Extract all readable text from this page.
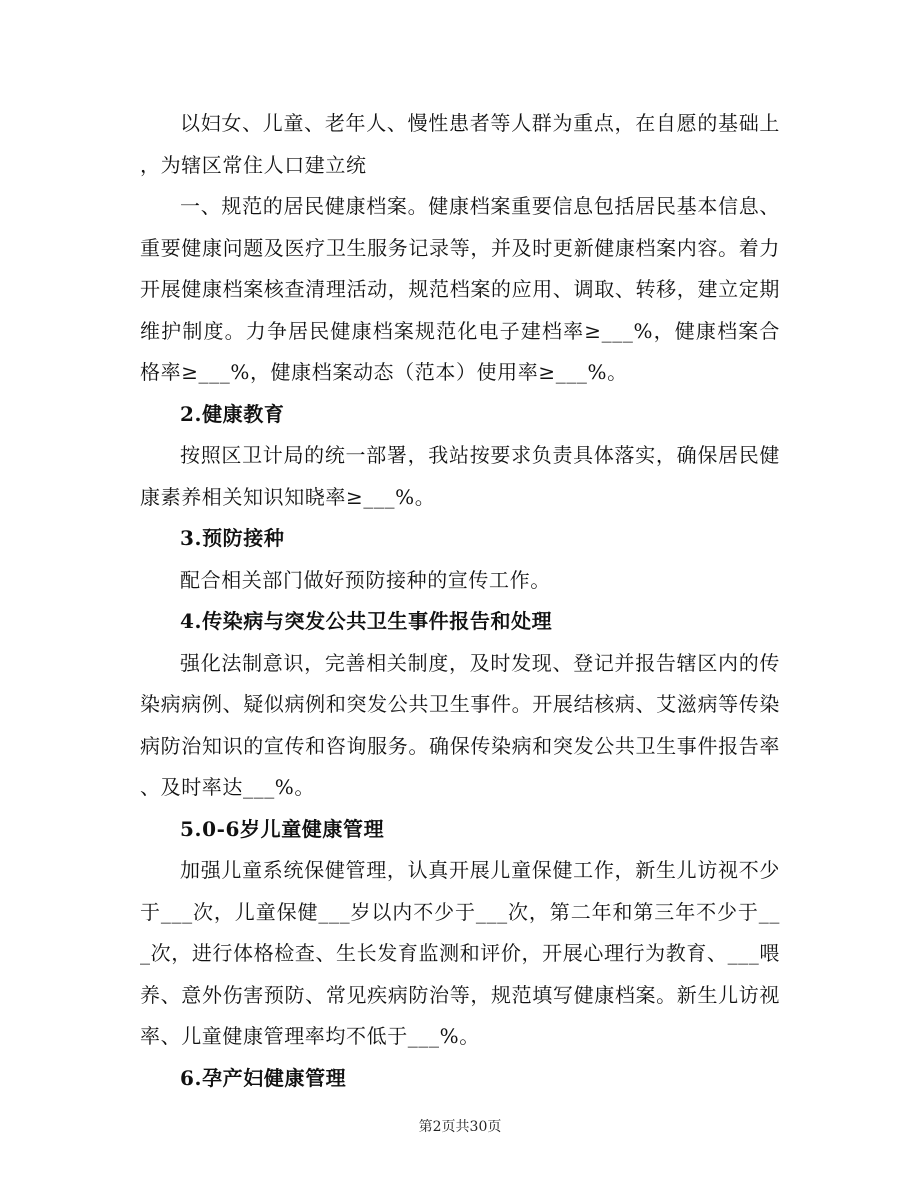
以妇女、儿童、老年人、慢性患者等人群为重点，在自愿的基础上，为辖区常住人口建立统

一、规范的居民健康档案。健康档案重要信息包括居民基本信息、重要健康问题及医疗卫生服务记录等，并及时更新健康档案内容。着力开展健康档案核查清理活动，规范档案的应用、调取、转移，建立定期维护制度。力争居民健康档案规范化电子建档率≥___%，健康档案合格率≥___%，健康档案动态（范本）使用率≥___%。

2.健康教育

按照区卫计局的统一部署，我站按要求负责具体落实，确保居民健康素养相关知识知晓率≥___%。

3.预防接种

配合相关部门做好预防接种的宣传工作。

4.传染病与突发公共卫生事件报告和处理

强化法制意识，完善相关制度，及时发现、登记并报告辖区内的传染病病例、疑似病例和突发公共卫生事件。开展结核病、艾滋病等传染病防治知识的宣传和咨询服务。确保传染病和突发公共卫生事件报告率、及时率达___%。

5.0-6岁儿童健康管理

加强儿童系统保健管理，认真开展儿童保健工作，新生儿访视不少于___次，儿童保健___岁以内不少于___次，第二年和第三年不少于___次，进行体格检查、生长发育监测和评价，开展心理行为教育、___喂养、意外伤害预防、常见疾病防治等，规范填写健康档案。新生儿访视率、儿童健康管理率均不低于___%。

6.孕产妇健康管理

第2页共30页
